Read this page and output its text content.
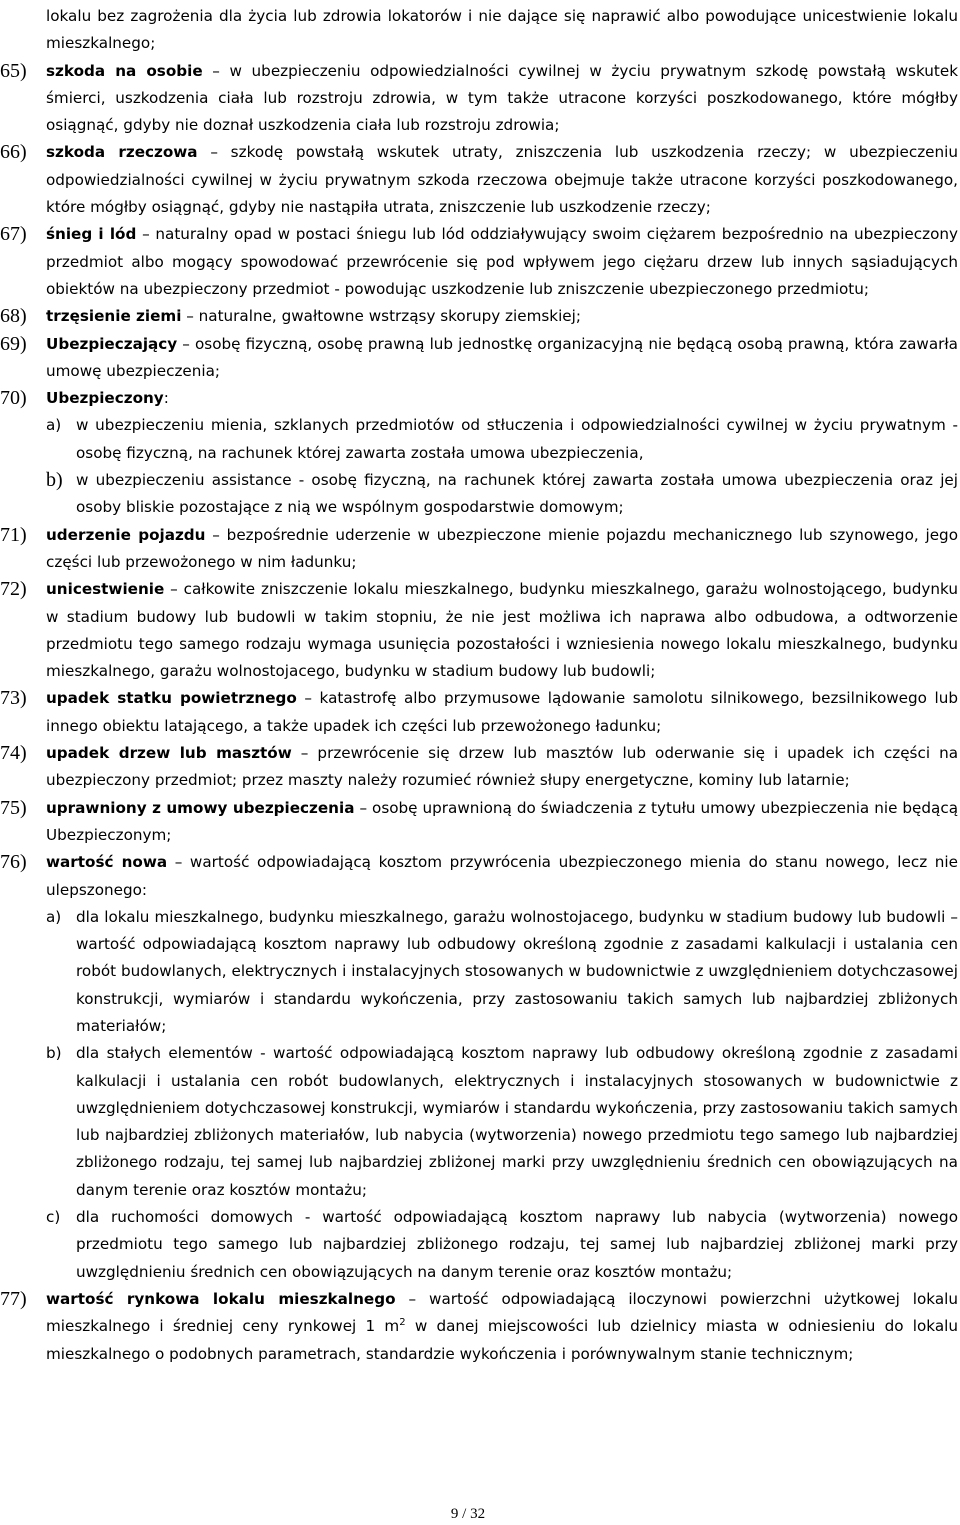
lokalu bez zagrożenia dla życia lub zdrowia lokatorów i nie dające się naprawić albo powodujące unicestwienie lokalu mieszkalnego;
65) szkoda na osobie – w ubezpieczeniu odpowiedzialności cywilnej w życiu prywatnym szkodę powstałą wskutek śmierci, uszkodzenia ciała lub rozstroju zdrowia, w tym także utracone korzyści poszkodowanego, które mógłby osiągnąć, gdyby nie doznał uszkodzenia ciała lub rozstroju zdrowia;
66) szkoda rzeczowa – szkodę powstałą wskutek utraty, zniszczenia lub uszkodzenia rzeczy; w ubezpieczeniu odpowiedzialności cywilnej w życiu prywatnym szkoda rzeczowa obejmuje także utracone korzyści poszkodowanego, które mógłby osiągnąć, gdyby nie nastąpiła utrata, zniszczenie lub uszkodzenie rzeczy;
67) śnieg i lód – naturalny opad w postaci śniegu lub lód oddziaływujący swoim ciężarem bezpośrednio na ubezpieczony przedmiot albo mogący spowodować przewrócenie się pod wpływem jego ciężaru drzew lub innych sąsiadujących obiektów na ubezpieczony przedmiot - powodując uszkodzenie lub zniszczenie ubezpieczonego przedmiotu;
68) trzęsienie ziemi – naturalne, gwałtowne wstrząsy skorupy ziemskiej;
69) Ubezpieczający – osobę fizyczną, osobę prawną lub jednostkę organizacyjną nie będącą osobą prawną, która zawarła umowę ubezpieczenia;
70) Ubezpieczony:
a) w ubezpieczeniu mienia, szklanych przedmiotów od stłuczenia i odpowiedzialności cywilnej w życiu prywatnym - osobę fizyczną, na rachunek której zawarta została umowa ubezpieczenia,
b) w ubezpieczeniu assistance - osobę fizyczną, na rachunek której zawarta została umowa ubezpieczenia oraz jej osoby bliskie pozostające z nią we wspólnym gospodarstwie domowym;
71) uderzenie pojazdu – bezpośrednie uderzenie w ubezpieczone mienie pojazdu mechanicznego lub szynowego, jego części lub przewożonego w nim ładunku;
72) unicestwienie – całkowite zniszczenie lokalu mieszkalnego, budynku mieszkalnego, garażu wolnostojącego, budynku w stadium budowy lub budowli w takim stopniu, że nie jest możliwa ich naprawa albo odbudowa, a odtworzenie przedmiotu tego samego rodzaju wymaga usunięcia pozostałości i wzniesienia nowego lokalu mieszkalnego, budynku mieszkalnego, garażu wolnostojacego, budynku w stadium budowy lub budowli;
73) upadek statku powietrznego – katastrofę albo przymusowe lądowanie samolotu silnikowego, bezsilnikowego lub innego obiektu latającego, a także upadek ich części lub przewożonego ładunku;
74) upadek drzew lub masztów – przewrócenie się drzew lub masztów lub oderwanie się i upadek ich części na ubezpieczony przedmiot; przez maszty należy rozumieć również słupy energetyczne, kominy lub latarnie;
75) uprawniony z umowy ubezpieczenia – osobę uprawnioną do świadczenia z tytułu umowy ubezpieczenia nie będącą Ubezpieczonym;
76) wartość nowa – wartość odpowiadającą kosztom przywrócenia ubezpieczonego mienia do stanu nowego, lecz nie ulepszonego:
a) dla lokalu mieszkalnego, budynku mieszkalnego, garażu wolnostojacego, budynku w stadium budowy lub budowli – wartość odpowiadającą kosztom naprawy lub odbudowy określoną zgodnie z zasadami kalkulacji i ustalania cen robót budowlanych, elektrycznych i instalacyjnych stosowanych w budownictwie z uwzględnieniem dotychczasowej konstrukcji, wymiarów i standardu wykończenia, przy zastosowaniu takich samych lub najbardziej zbliżonych materiałów;
b) dla stałych elementów - wartość odpowiadającą kosztom naprawy lub odbudowy określoną zgodnie z zasadami kalkulacji i ustalania cen robót budowlanych, elektrycznych i instalacyjnych stosowanych w budownictwie z uwzględnieniem dotychczasowej konstrukcji, wymiarów i standardu wykończenia, przy zastosowaniu takich samych lub najbardziej zbliżonych materiałów, lub nabycia (wytworzenia) nowego przedmiotu tego samego lub najbardziej zbliżonego rodzaju, tej samej lub najbardziej zbliżonej marki przy uwzględnieniu średnich cen obowiązujących na danym terenie oraz kosztów montażu;
c) dla ruchomości domowych - wartość odpowiadającą kosztom naprawy lub nabycia (wytworzenia) nowego przedmiotu tego samego lub najbardziej zbliżonego rodzaju, tej samej lub najbardziej zbliżonej marki przy uwzględnieniu średnich cen obowiązujących na danym terenie oraz kosztów montażu;
77) wartość rynkowa lokalu mieszkalnego – wartość odpowiadającą iloczynowi powierzchni użytkowej lokalu mieszkalnego i średniej ceny rynkowej 1 $m^2$ w danej miejscowości lub dzielnicy miasta w odniesieniu do lokalu mieszkalnego o podobnych parametrach, standardzie wykończenia i porównywalnym stanie technicznym;
9 / 32
